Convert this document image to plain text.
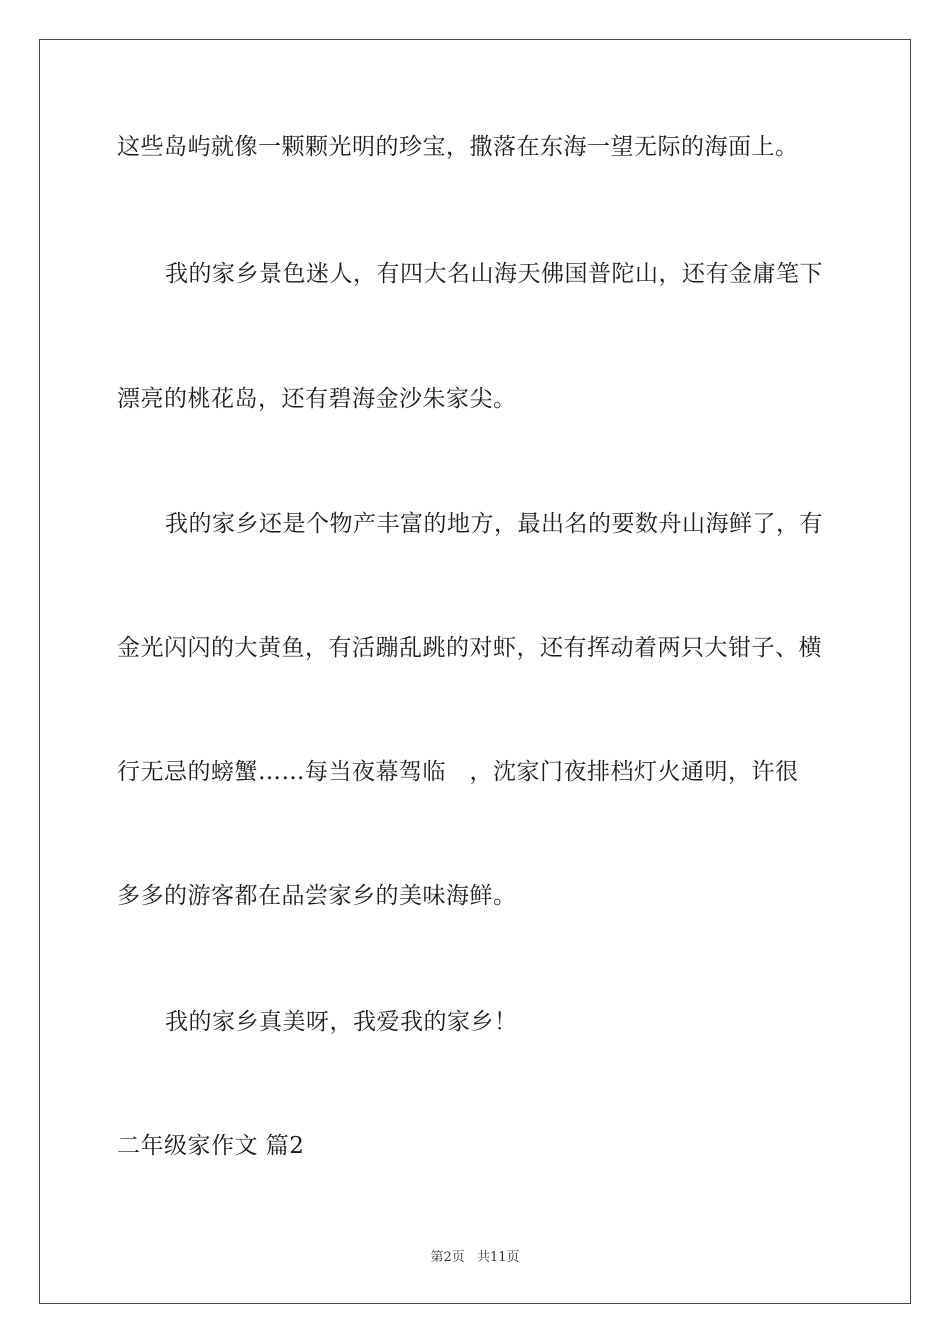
这些岛屿就像一颗颗光明的珍宝，撒落在东海一望无际的海面上。
我的家乡景色迷人，有四大名山海天佛国普陀山，还有金庸笔下
漂亮的桃花岛，还有碧海金沙朱家尖。
我的家乡还是个物产丰富的地方，最出名的要数舟山海鲜了，有
金光闪闪的大黄鱼，有活蹦乱跳的对虾，还有挥动着两只大钳子、横
行无忌的螃蟹……每当夜幕驾临　，沈家门夜排档灯火通明，许很
多多的游客都在品尝家乡的美味海鲜。
我的家乡真美呀，我爱我的家乡！
二年级家作文 篇2
第2页 共11页
